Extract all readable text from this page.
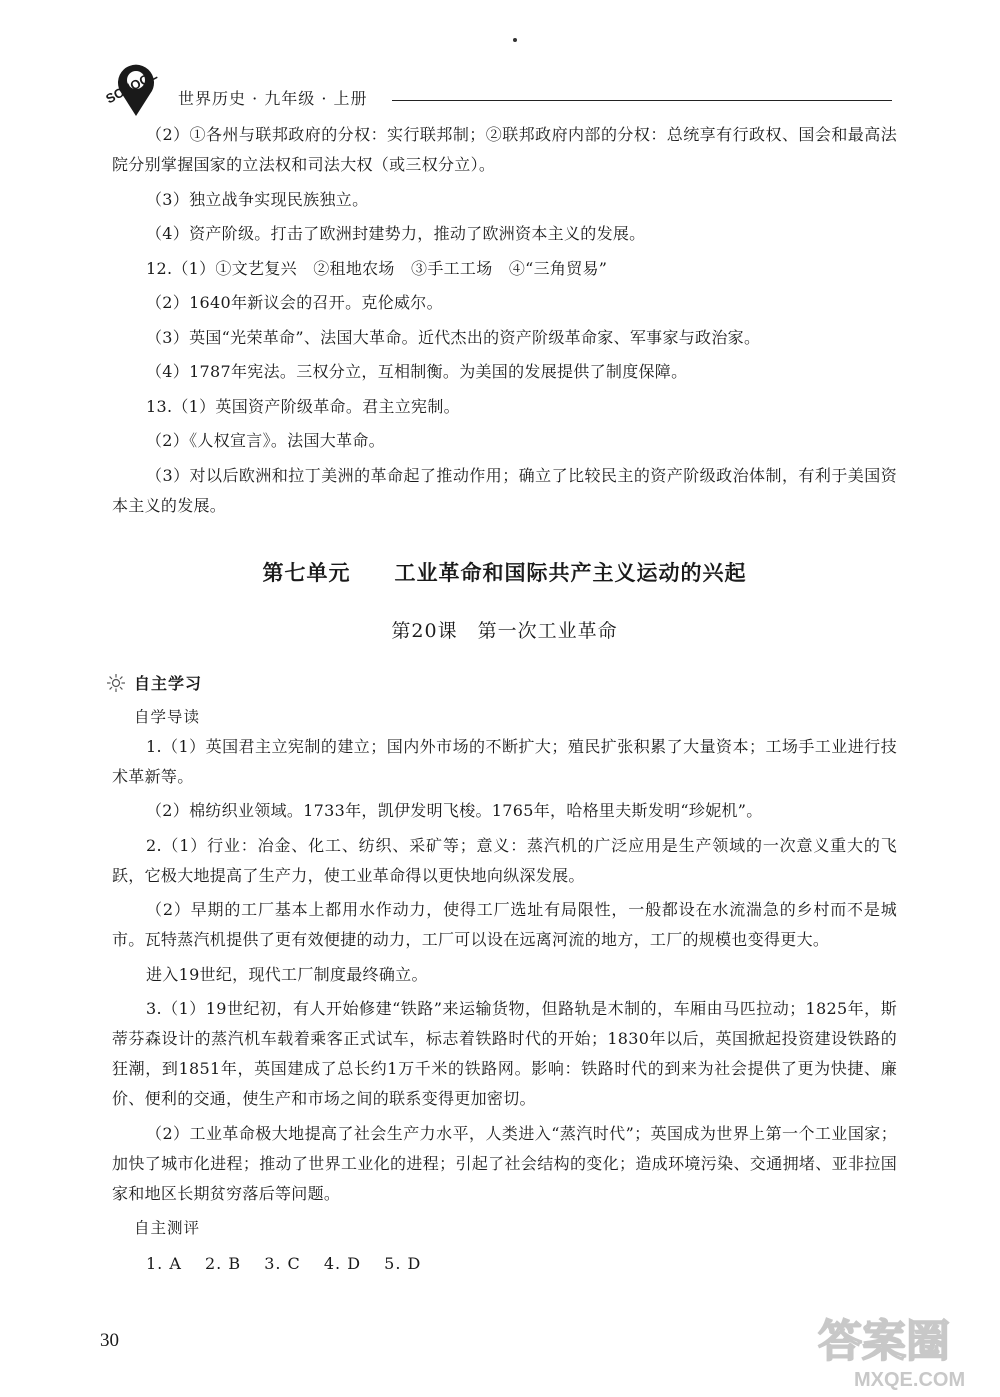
SCHOOL 世界历史 · 九年级 · 上册

（2）①各州与联邦政府的分权：实行联邦制；②联邦政府内部的分权：总统享有行政权、国会和最高法院分别掌握国家的立法权和司法大权（或三权分立）。

（3）独立战争实现民族独立。

（4）资产阶级。打击了欧洲封建势力，推动了欧洲资本主义的发展。

12.（1）①文艺复兴　②租地农场　③手工工场　④“三角贸易”

（2）1640年新议会的召开。克伦威尔。

（3）英国“光荣革命”、法国大革命。近代杰出的资产阶级革命家、军事家与政治家。

（4）1787年宪法。三权分立，互相制衡。为美国的发展提供了制度保障。

13.（1）英国资产阶级革命。君主立宪制。

（2）《人权宣言》。法国大革命。

（3）对以后欧洲和拉丁美洲的革命起了推动作用；确立了比较民主的资产阶级政治体制，有利于美国资本主义的发展。

第七单元　　工业革命和国际共产主义运动的兴起
第20课　第一次工业革命
自主学习
自学导读

1.（1）英国君主立宪制的建立；国内外市场的不断扩大；殖民扩张积累了大量资本；工场手工业进行技术革新等。

（2）棉纺织业领域。1733年，凯伊发明飞梭。1765年，哈格里夫斯发明“珍妮机”。

2.（1）行业：冶金、化工、纺织、采矿等；意义：蒸汽机的广泛应用是生产领域的一次意义重大的飞跃，它极大地提高了生产力，使工业革命得以更快地向纵深发展。

（2）早期的工厂基本上都用水作动力，使得工厂选址有局限性，一般都设在水流湍急的乡村而不是城市。瓦特蒸汽机提供了更有效便捷的动力，工厂可以设在远离河流的地方，工厂的规模也变得更大。

进入19世纪，现代工厂制度最终确立。

3.（1）19世纪初，有人开始修建“铁路”来运输货物，但路轨是木制的，车厢由马匹拉动；1825年，斯蒂芬森设计的蒸汽机车载着乘客正式试车，标志着铁路时代的开始；1830年以后，英国掀起投资建设铁路的狂潮，到1851年，英国建成了总长约1万千米的铁路网。影响：铁路时代的到来为社会提供了更为快捷、廉价、便利的交通，使生产和市场之间的联系变得更加密切。

（2）工业革命极大地提高了社会生产力水平，人类进入“蒸汽时代”；英国成为世界上第一个工业国家；加快了城市化进程；推动了世界工业化的进程；引起了社会结构的变化；造成环境污染、交通拥堵、亚非拉国家和地区长期贫穷落后等问题。

自主测评
1. A　 2. B　 3. C　 4. D　 5. D
30	答案圈
MXQE.COM
